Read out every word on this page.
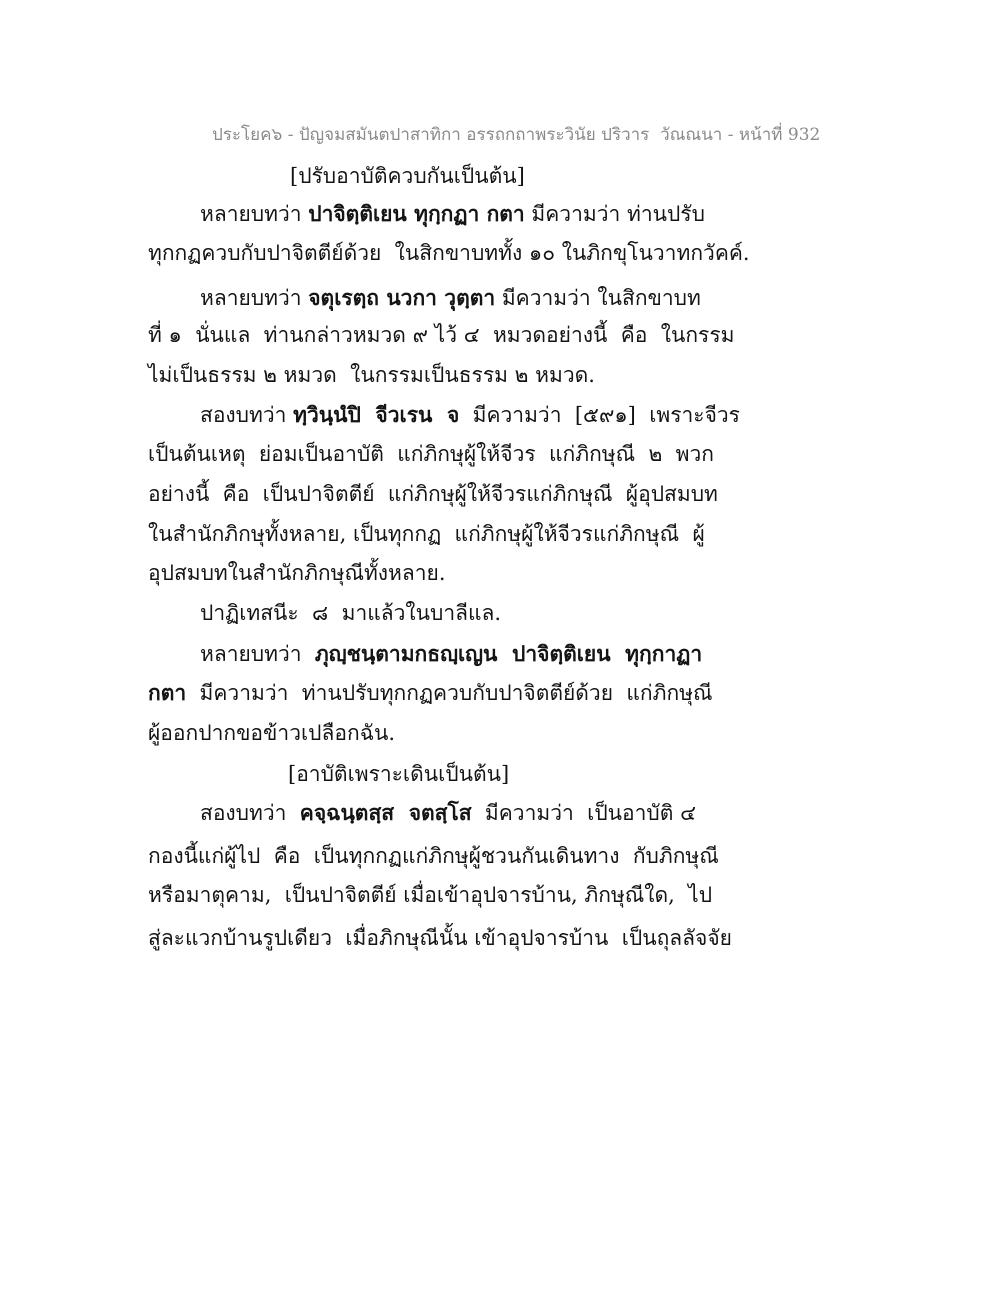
ประโยค๖ - ปัญจมสมันตปาสาทิกา อรรถกถาพระวินัย ปริวาร  วัณณนา - หน้าที่ 932
[ปรับอาบัติควบกันเป็นต้น]
หลายบทว่า ปาจิตฺติเยน ทุกฺกฏา กตา มีความว่า ท่านปรับ
ทุกกฏควบกับปาจิตตีย์ด้วย  ในสิกขาบททั้ง ๑๐ ในภิกขุโนวาทกวัคค์.
หลายบทว่า จตุเรตฺถ นวกา วุตฺตา มีความว่า ในสิกขาบท
ที่ ๑  นั่นแล  ท่านกล่าวหมวด ๙ ไว้ ๔  หมวดอย่างนี้  คือ  ในกรรม
ไม่เป็นธรรม ๒ หมวด  ในกรรมเป็นธรรม ๒ หมวด.
สองบทว่า ทฺวินฺนํปิ  จีวเรน  จ  มีความว่า  [๕๙๑]  เพราะจีวร
เป็นต้นเหตุ  ย่อมเป็นอาบัติ  แก่ภิกษุผู้ให้จีวร  แก่ภิกษุณี  ๒  พวก
อย่างนี้  คือ  เป็นปาจิตตีย์  แก่ภิกษุผู้ให้จีวรแก่ภิกษุณี  ผู้อุปสมบท
ในสำนักภิกษุทั้งหลาย, เป็นทุกกฏ  แก่ภิกษุผู้ให้จีวรแก่ภิกษุณี  ผู้
อุปสมบทในสำนักภิกษุณีทั้งหลาย.
ปาฏิเทสนีะ  ๘  มาแล้วในบาลีแล.
หลายบทว่า  ภุญฺชนฺตามกธญฺเญน  ปาจิตฺติเยน  ทุกฺกาฏา
กตา  มีความว่า  ท่านปรับทุกกฏควบกับปาจิตตีย์ด้วย  แก่ภิกษุณี
ผู้ออกปากขอข้าวเปลือกฉัน.
[อาบัติเพราะเดินเป็นต้น]
สองบทว่า  คจฺฉนฺตสฺส  จตสฺโส  มีความว่า  เป็นอาบัติ ๔
กองนี้แก่ผู้ไป  คือ  เป็นทุกกฏแก่ภิกษุผู้ชวนกันเดินทาง  กับภิกษุณี
หรือมาตุคาม,  เป็นปาจิตตีย์ เมื่อเข้าอุปจารบ้าน, ภิกษุณีใด,  ไป
สู่ละแวกบ้านรูปเดียว  เมื่อภิกษุณีนั้น เข้าอุปจารบ้าน  เป็นถุลลัจจัย
